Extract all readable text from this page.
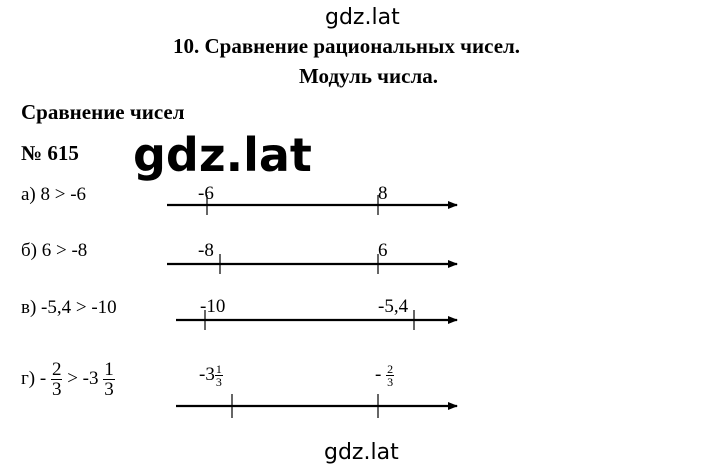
gdz.lat
gdz.lat
gdz.lat
10. Сравнение рациональных чисел.
Модуль числа.
Сравнение чисел
№ 615
а) 8 > -6	-6	8
б) 6 > -8	-8	6
в) -5,4 > -10	-10	-5,4
$г) - \frac{2}{3} > -3 \frac{1}{3}$	$-3 \frac{1}{3}$	- $\frac{2}{3}$
